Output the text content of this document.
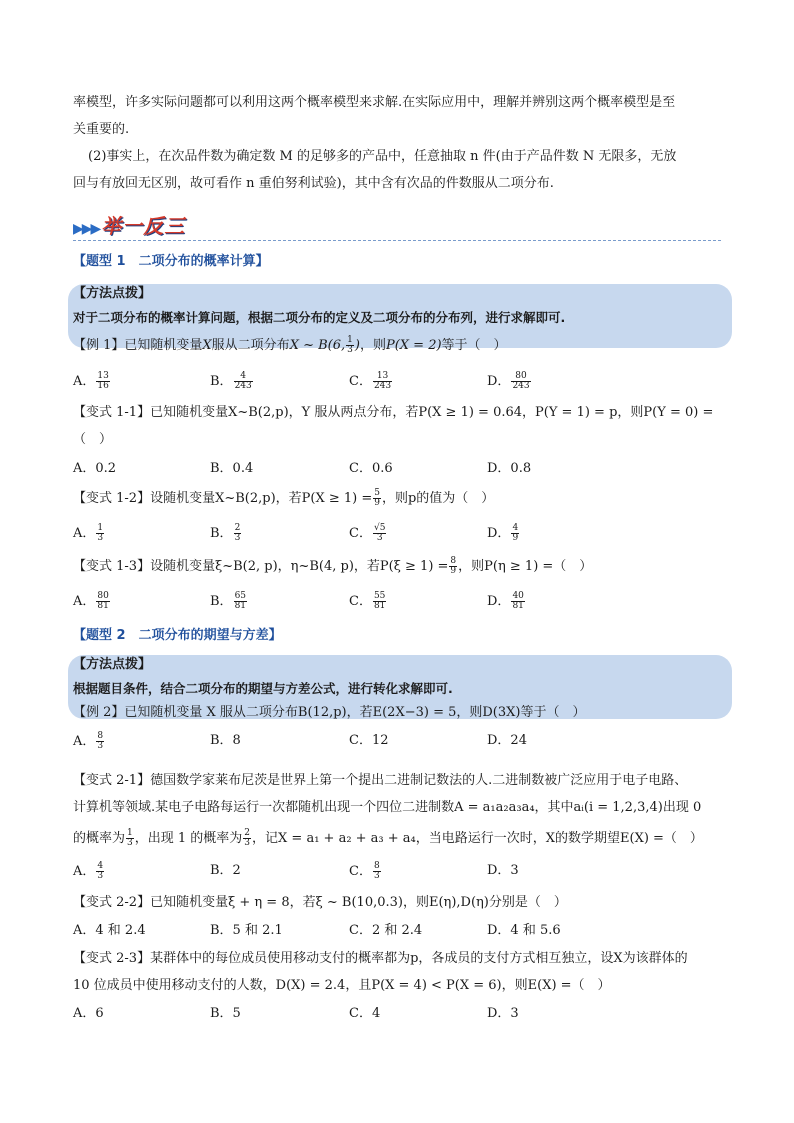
率模型，许多实际问题都可以利用这两个概率模型来求解.在实际应用中，理解并辨别这两个概率模型是至
关重要的.
(2)事实上，在次品件数为确定数 M 的足够多的产品中，任意抽取 n 件(由于产品件数 N 无限多，无放
回与有放回无区别，故可看作 n 重伯努利试验)，其中含有次品的件数服从二项分布.
▶▶▶ 举一反三
【题型 1　二项分布的概率计算】
【方法点拨】
对于二项分布的概率计算问题，根据二项分布的定义及二项分布的分布列，进行求解即可.
【例 1】已知随机变量X服从二项分布X ~ B(6, $\frac{1}{3}$ )，则P(X = 2)等于（　）
A． $\frac{13}{16}$	B． $\frac{4}{243}$	C． $\frac{13}{243}$	D． $\frac{80}{243}$
【变式 1-1】已知随机变量X~B(2,p)，Y 服从两点分布，若P(X ≥ 1) = 0.64，P(Y = 1) = p，则P(Y = 0) =
（　）
A．0.2	B．0.4	C．0.6	D．0.8
【变式 1-2】设随机变量X~B(2,p)，若$P(X \ge 1) = \frac{5}{9}$ ，则p的值为（　）
A． $\frac{1}{3}$	B． $\frac{2}{3}$	C． $\frac{√5}{3}$	D． $\frac{4}{9}$
【变式 1-3】设随机变量ξ~B(2, p)，η~B(4, p)，若$P(\xi \ge 1) = \frac{8}{9}$ ，则P(η ≥ 1) =（　）
A． $\frac{80}{81}$	B． $\frac{65}{81}$	C． $\frac{55}{81}$	D． $\frac{40}{81}$
【题型 2　二项分布的期望与方差】
【方法点拨】
根据题目条件，结合二项分布的期望与方差公式，进行转化求解即可.
【例 2】已知随机变量 X 服从二项分布B(12,p)，若E(2X−3) = 5，则D(3X)等于（　）
A． $\frac{8}{3}$	B．8	C．12	D．24
【变式 2-1】德国数学家莱布尼茨是世界上第一个提出二进制记数法的人.二进制数被广泛应用于电子电路、
计算机等领域.某电子电路每运行一次都随机出现一个四位二进制数A = a₁a₂a₃a₄，其中aᵢ(i = 1,2,3,4)出现 0
的概率为 $\frac{1}{3}$ ，出现 1 的概率为 $\frac{2}{3}$ ，记X = a₁ + a₂ + a₃ + a₄，当电路运行一次时，X的数学期望E(X) =（　）
A． $\frac{4}{3}$	B．2	C． $\frac{8}{3}$	D．3
【变式 2-2】已知随机变量ξ + η = 8，若ξ ~ B(10,0.3)，则E(η),D(η)分别是（　）
A．4 和 2.4	B．5 和 2.1	C．2 和 2.4	D．4 和 5.6
【变式 2-3】某群体中的每位成员使用移动支付的概率都为p，各成员的支付方式相互独立，设X为该群体的
10 位成员中使用移动支付的人数，D(X) = 2.4，且P(X = 4) < P(X = 6)，则E(X) =（　）
A．6	B．5	C．4	D．3
